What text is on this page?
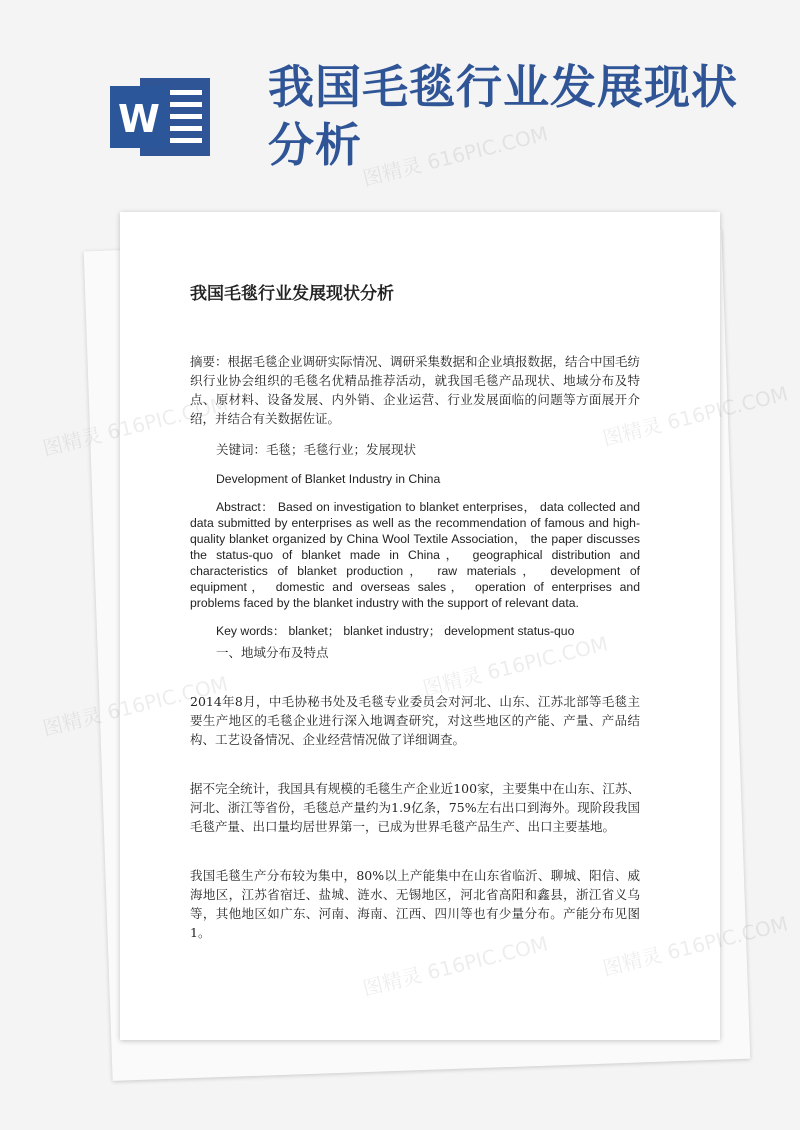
W
我国毛毯行业发展现状分析
图精灵 616PIC.COM
图精灵
图精灵
我国毛毯行业发展现状分析

摘要：根据毛毯企业调研实际情况、调研采集数据和企业填报数据，结合中国毛纺织行业协会组织的毛毯名优精品推荐活动，就我国毛毯产品现状、地域分布及特点、原材料、设备发展、内外销、企业运营、行业发展面临的问题等方面展开介绍，并结合有关数据佐证。

关键词：毛毯；毛毯行业；发展现状

Development of Blanket Industry in China

Abstract： Based on investigation to blanket enterprises， data collected and data submitted by enterprises as well as the recommendation of famous and high-quality blanket organized by China Wool Textile Association， the paper discusses the status-quo of blanket made in China， geographical distribution and characteristics of blanket production， raw materials， development of equipment， domestic and overseas sales， operation of enterprises and problems faced by the blanket industry with the support of relevant data.

Key words： blanket； blanket industry； development status-quo

一、地域分布及特点

2014年8月，中毛协秘书处及毛毯专业委员会对河北、山东、江苏北部等毛毯主要生产地区的毛毯企业进行深入地调查研究，对这些地区的产能、产量、产品结构、工艺设备情况、企业经营情况做了详细调查。

据不完全统计，我国具有规模的毛毯生产企业近100家，主要集中在山东、江苏、河北、浙江等省份，毛毯总产量约为1.9亿条，75%左右出口到海外。现阶段我国毛毯产量、出口量均居世界第一，已成为世界毛毯产品生产、出口主要基地。

我国毛毯生产分布较为集中，80%以上产能集中在山东省临沂、聊城、阳信、威海地区，江苏省宿迁、盐城、涟水、无锡地区，河北省高阳和鑫县，浙江省义乌等，其他地区如广东、河南、海南、江西、四川等也有少量分布。产能分布见图 1。
